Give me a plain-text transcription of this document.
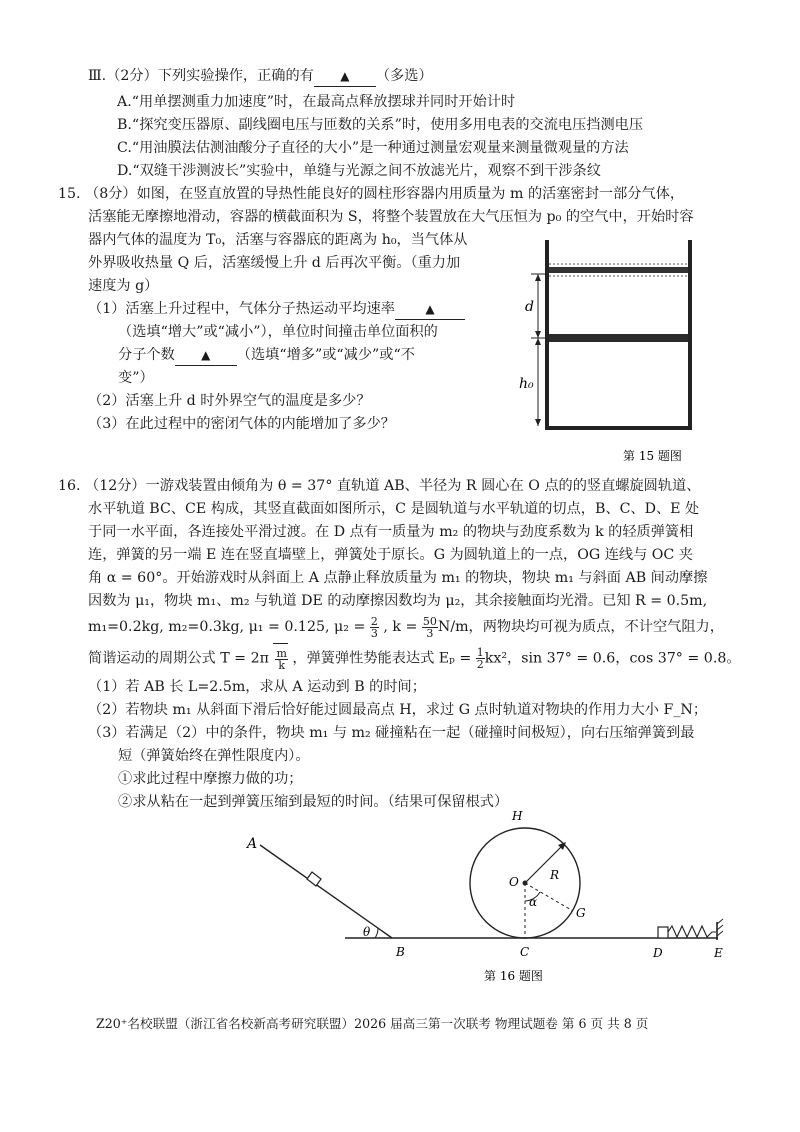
Ⅲ.（2分）下列实验操作，正确的有 ▲ （多选）
A.“用单摆测重力加速度”时，在最高点释放摆球并同时开始计时
B.“探究变压器原、副线圈电压与匝数的关系”时，使用多用电表的交流电压挡测电压
C.“用油膜法估测油酸分子直径的大小”是一种通过测量宏观量来测量微观量的方法
D.“双缝干涉测波长”实验中，单缝与光源之间不放滤光片，观察不到干涉条纹
15. （8分）如图，在竖直放置的导热性能良好的圆柱形容器内用质量为 m 的活塞密封一部分气体，
活塞能无摩擦地滑动，容器的横截面积为 S，将整个装置放在大气压恒为 p₀ 的空气中，开始时容
器内气体的温度为 T₀，活塞与容器底的距离为 h₀，当气体从
外界吸收热量 Q 后，活塞缓慢上升 d 后再次平衡。（重力加
速度为 g）
（1）活塞上升过程中，气体分子热运动平均速率	▲
（选填“增大”或“减小”），单位时间撞击单位面积的
分子个数 ▲ （选填“增多”或“减少”或“不
变”）
（2）活塞上升 d 时外界空气的温度是多少？
（3）在此过程中的密闭气体的内能增加了多少？
d
h₀
第 15 题图
16. （12分）一游戏装置由倾角为 θ = 37° 直轨道 AB、半径为 R 圆心在 O 点的的竖直螺旋圆轨道、
水平轨道 BC、CE 构成，其竖直截面如图所示，C 是圆轨道与水平轨道的切点，B、C、D、E 处
于同一水平面，各连接处平滑过渡。在 D 点有一质量为 m₂ 的物块与劲度系数为 k 的轻质弹簧相
连，弹簧的另一端 E 连在竖直墙壁上，弹簧处于原长。G 为圆轨道上的一点，OG 连线与 OC 夹
角 α = 60°。开始游戏时从斜面上 A 点静止释放质量为 m₁ 的物块，物块 m₁ 与斜面 AB 间动摩擦
因数为 μ₁，物块 m₁、m₂ 与轨道 DE 的动摩擦因数均为 μ₂，其余接触面均光滑。已知 R = 0.5m,
m₁=0.2kg, m₂=0.3kg, μ₁ = 0.125, $\mu_2 = \frac{2}{3}$ , $k = \frac{50}{3} N/m$，两物块均可视为质点，不计空气阻力，
简谐运动的周期公式 $T = 2\pi \frac{m}{k}$ ，弹簧弹性势能表达式 $E_p = \frac{1}{2} kx^2$，sin 37° = 0.6，cos 37° = 0.8。
（1）若 AB 长 L=2.5m，求从 A 运动到 B 的时间；
（2）若物块 m₁ 从斜面下滑后恰好能过圆最高点 H，求过 G 点时轨道对物块的作用力大小 F_N；
（3）若满足（2）中的条件，物块 m₁ 与 m₂ 碰撞粘在一起（碰撞时间极短），向右压缩弹簧到最
短（弹簧始终在弹性限度内）。
①求此过程中摩擦力做的功；
②求从粘在一起到弹簧压缩到最短的时间。（结果可保留根式）
A
B	C	D	E
H
O	R
G
α
θ
第 16 题图
Z20⁺名校联盟（浙江省名校新高考研究联盟）2026 届高三第一次联考 物理试题卷 第 6 页 共 8 页
